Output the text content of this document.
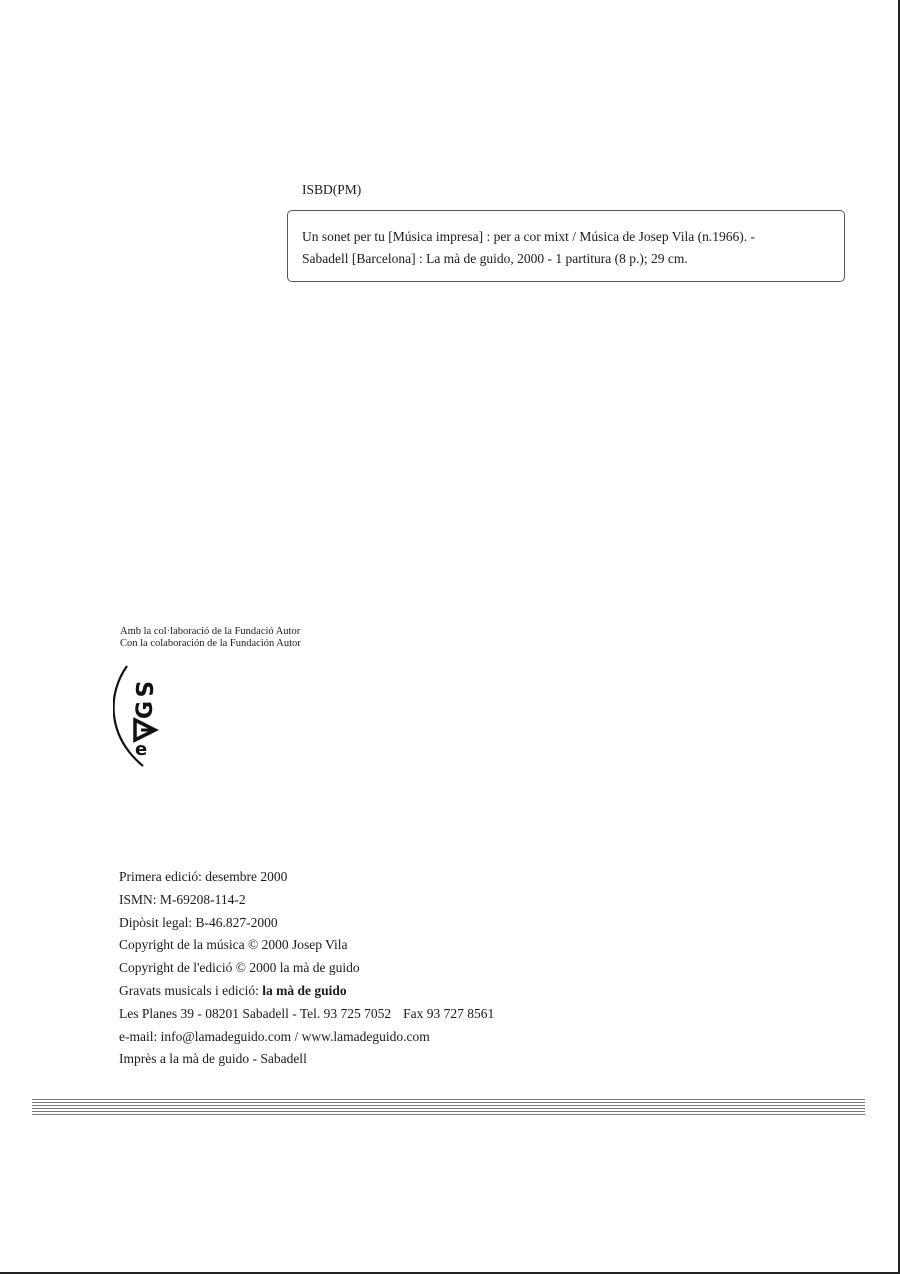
ISBD(PM)
Un sonet per tu [Música impresa] : per a cor mixt / Música de Josep Vila (n.1966). -
Sabadell [Barcelona] : La mà de guido, 2000 - 1 partitura (8 p.); 29 cm.
Amb la col·laboració de la Fundació Autor
Con la colaboración de la Fundación Autor
S
G
e
Primera edició: desembre 2000
ISMN: M-69208-114-2
Dipòsit legal: B-46.827-2000
Copyright de la música © 2000 Josep Vila
Copyright de l'edició © 2000 la mà de guido
Gravats musicals i edició: la mà de guido
Les Planes 39 - 08201 Sabadell - Tel. 93 725 7052 Fax 93 727 8561
e-mail: info@lamadeguido.com / www.lamadeguido.com
Imprès a la mà de guido - Sabadell
